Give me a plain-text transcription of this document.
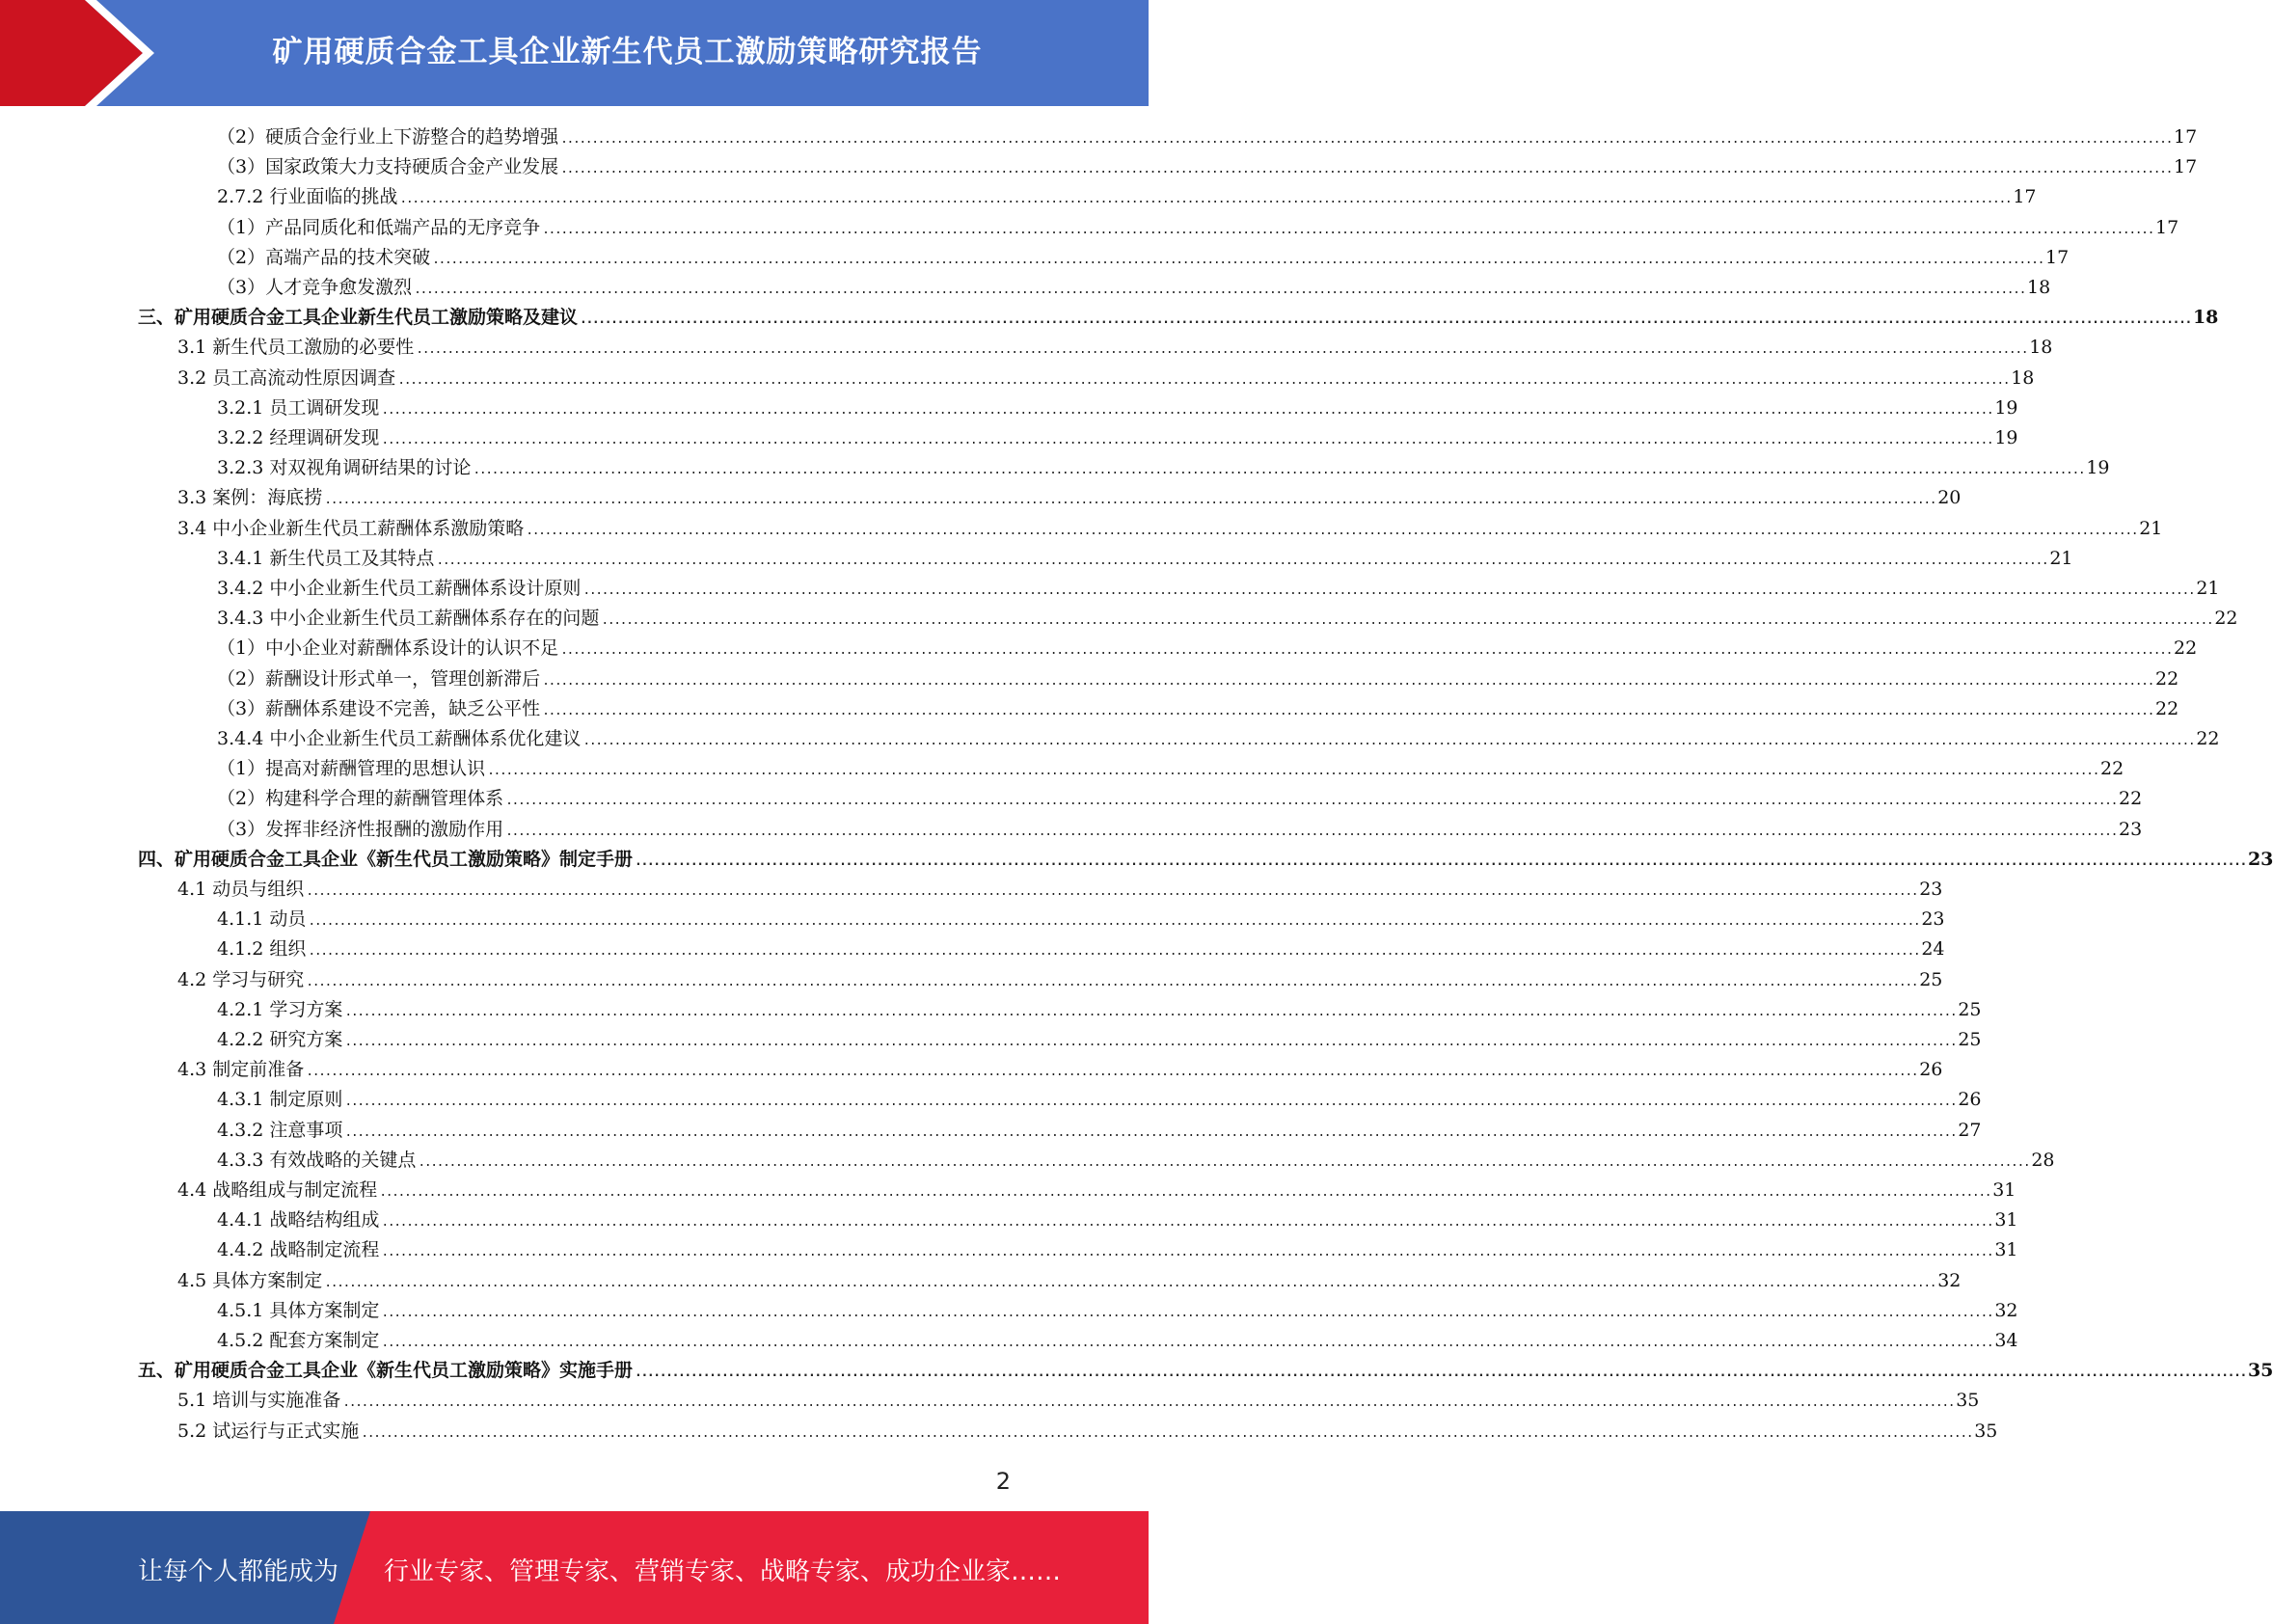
矿用硬质合金工具企业新生代员工激励策略研究报告
（2）硬质合金行业上下游整合的趋势增强 .................................................................................................................................................................................................................................................................... 17
（3）国家政策大力支持硬质合金产业发展 .................................................................................................................................................................................................................................................................... 17
2.7.2 行业面临的挑战 .................................................................................................................................................................................................................................................................... 17
（1）产品同质化和低端产品的无序竞争 .................................................................................................................................................................................................................................................................... 17
（2）高端产品的技术突破 .................................................................................................................................................................................................................................................................... 17
（3）人才竞争愈发激烈 .................................................................................................................................................................................................................................................................... 18
三、矿用硬质合金工具企业新生代员工激励策略及建议 .................................................................................................................................................................................................................................................................... 18
3.1 新生代员工激励的必要性 .................................................................................................................................................................................................................................................................... 18
3.2 员工高流动性原因调查 .................................................................................................................................................................................................................................................................... 18
3.2.1 员工调研发现 .................................................................................................................................................................................................................................................................... 19
3.2.2 经理调研发现 .................................................................................................................................................................................................................................................................... 19
3.2.3 对双视角调研结果的讨论 .................................................................................................................................................................................................................................................................... 19
3.3 案例：海底捞 .................................................................................................................................................................................................................................................................... 20
3.4 中小企业新生代员工薪酬体系激励策略 .................................................................................................................................................................................................................................................................... 21
3.4.1 新生代员工及其特点 .................................................................................................................................................................................................................................................................... 21
3.4.2 中小企业新生代员工薪酬体系设计原则 .................................................................................................................................................................................................................................................................... 21
3.4.3 中小企业新生代员工薪酬体系存在的问题 .................................................................................................................................................................................................................................................................... 22
（1）中小企业对薪酬体系设计的认识不足 .................................................................................................................................................................................................................................................................... 22
（2）薪酬设计形式单一，管理创新滞后 .................................................................................................................................................................................................................................................................... 22
（3）薪酬体系建设不完善，缺乏公平性 .................................................................................................................................................................................................................................................................... 22
3.4.4 中小企业新生代员工薪酬体系优化建议 .................................................................................................................................................................................................................................................................... 22
（1）提高对薪酬管理的思想认识 .................................................................................................................................................................................................................................................................... 22
（2）构建科学合理的薪酬管理体系 .................................................................................................................................................................................................................................................................... 22
（3）发挥非经济性报酬的激励作用 .................................................................................................................................................................................................................................................................... 23
四、矿用硬质合金工具企业《新生代员工激励策略》制定手册 .................................................................................................................................................................................................................................................................... 23
4.1 动员与组织 .................................................................................................................................................................................................................................................................... 23
4.1.1 动员 .................................................................................................................................................................................................................................................................... 23
4.1.2 组织 .................................................................................................................................................................................................................................................................... 24
4.2 学习与研究 .................................................................................................................................................................................................................................................................... 25
4.2.1 学习方案 .................................................................................................................................................................................................................................................................... 25
4.2.2 研究方案 .................................................................................................................................................................................................................................................................... 25
4.3 制定前准备 .................................................................................................................................................................................................................................................................... 26
4.3.1 制定原则 .................................................................................................................................................................................................................................................................... 26
4.3.2 注意事项 .................................................................................................................................................................................................................................................................... 27
4.3.3 有效战略的关键点 .................................................................................................................................................................................................................................................................... 28
4.4 战略组成与制定流程 .................................................................................................................................................................................................................................................................... 31
4.4.1 战略结构组成 .................................................................................................................................................................................................................................................................... 31
4.4.2 战略制定流程 .................................................................................................................................................................................................................................................................... 31
4.5 具体方案制定 .................................................................................................................................................................................................................................................................... 32
4.5.1 具体方案制定 .................................................................................................................................................................................................................................................................... 32
4.5.2 配套方案制定 .................................................................................................................................................................................................................................................................... 34
五、矿用硬质合金工具企业《新生代员工激励策略》实施手册 .................................................................................................................................................................................................................................................................... 35
5.1 培训与实施准备 .................................................................................................................................................................................................................................................................... 35
5.2 试运行与正式实施 .................................................................................................................................................................................................................................................................... 35
2
让每个人都能成为 行业专家、管理专家、营销专家、战略专家、成功企业家……
